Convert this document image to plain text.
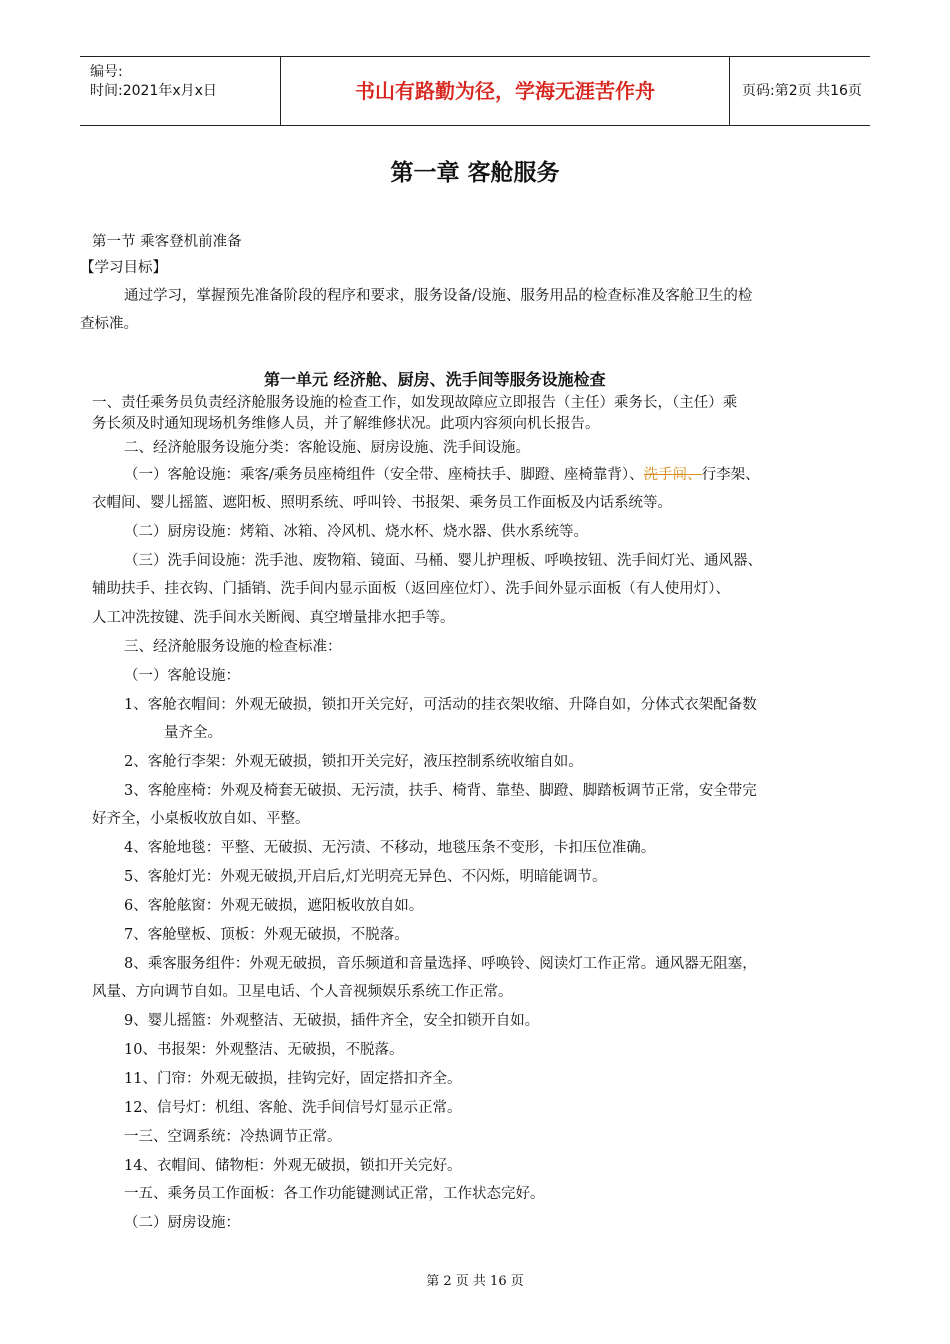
编号:
时间:2021年x月x日	书山有路勤为径，学海无涯苦作舟	页码:第2页 共16页
第一章 客舱服务
第一节 乘客登机前准备
【学习目标】
通过学习，掌握预先准备阶段的程序和要求，服务设备/设施、服务用品的检查标准及客舱卫生的检
查标准。
第一单元 经济舱、厨房、洗手间等服务设施检查
一、责任乘务员负责经济舱服务设施的检查工作，如发现故障应立即报告（主任）乘务长，（主任）乘
务长须及时通知现场机务维修人员，并了解维修状况。此项内容须向机长报告。
二、经济舱服务设施分类：客舱设施、厨房设施、洗手间设施。
（一）客舱设施：乘客/乘务员座椅组件（安全带、座椅扶手、脚蹬、座椅靠背）、洗手间、行李架、
衣帽间、婴儿摇篮、遮阳板、照明系统、呼叫铃、书报架、乘务员工作面板及内话系统等。
（二）厨房设施：烤箱、冰箱、冷风机、烧水杯、烧水器、供水系统等。
（三）洗手间设施：洗手池、废物箱、镜面、马桶、婴儿护理板、呼唤按钮、洗手间灯光、通风器、
辅助扶手、挂衣钩、门插销、洗手间内显示面板（返回座位灯）、洗手间外显示面板（有人使用灯）、
人工冲洗按键、洗手间水关断阀、真空增量排水把手等。
三、经济舱服务设施的检查标准：
（一）客舱设施：
1、客舱衣帽间：外观无破损，锁扣开关完好，可活动的挂衣架收缩、升降自如，分体式衣架配备数
量齐全。
2、客舱行李架：外观无破损，锁扣开关完好，液压控制系统收缩自如。
3、客舱座椅：外观及椅套无破损、无污渍，扶手、椅背、靠垫、脚蹬、脚踏板调节正常，安全带完
好齐全，小桌板收放自如、平整。
4、客舱地毯：平整、无破损、无污渍、不移动，地毯压条不变形，卡扣压位准确。
5、客舱灯光：外观无破损,开启后,灯光明亮无异色、不闪烁，明暗能调节。
6、客舱舷窗：外观无破损，遮阳板收放自如。
7、客舱壁板、顶板：外观无破损，不脱落。
8、乘客服务组件：外观无破损，音乐频道和音量选择、呼唤铃、阅读灯工作正常。通风器无阻塞，
风量、方向调节自如。卫星电话、个人音视频娱乐系统工作正常。
9、婴儿摇篮：外观整洁、无破损，插件齐全，安全扣锁开自如。
10、书报架：外观整洁、无破损，不脱落。
11、门帘：外观无破损，挂钩完好，固定搭扣齐全。
12、信号灯：机组、客舱、洗手间信号灯显示正常。
一三、空调系统：冷热调节正常。
14、衣帽间、储物柜：外观无破损，锁扣开关完好。
一五、乘务员工作面板：各工作功能键测试正常，工作状态完好。
（二）厨房设施：
第 2 页 共 16 页
